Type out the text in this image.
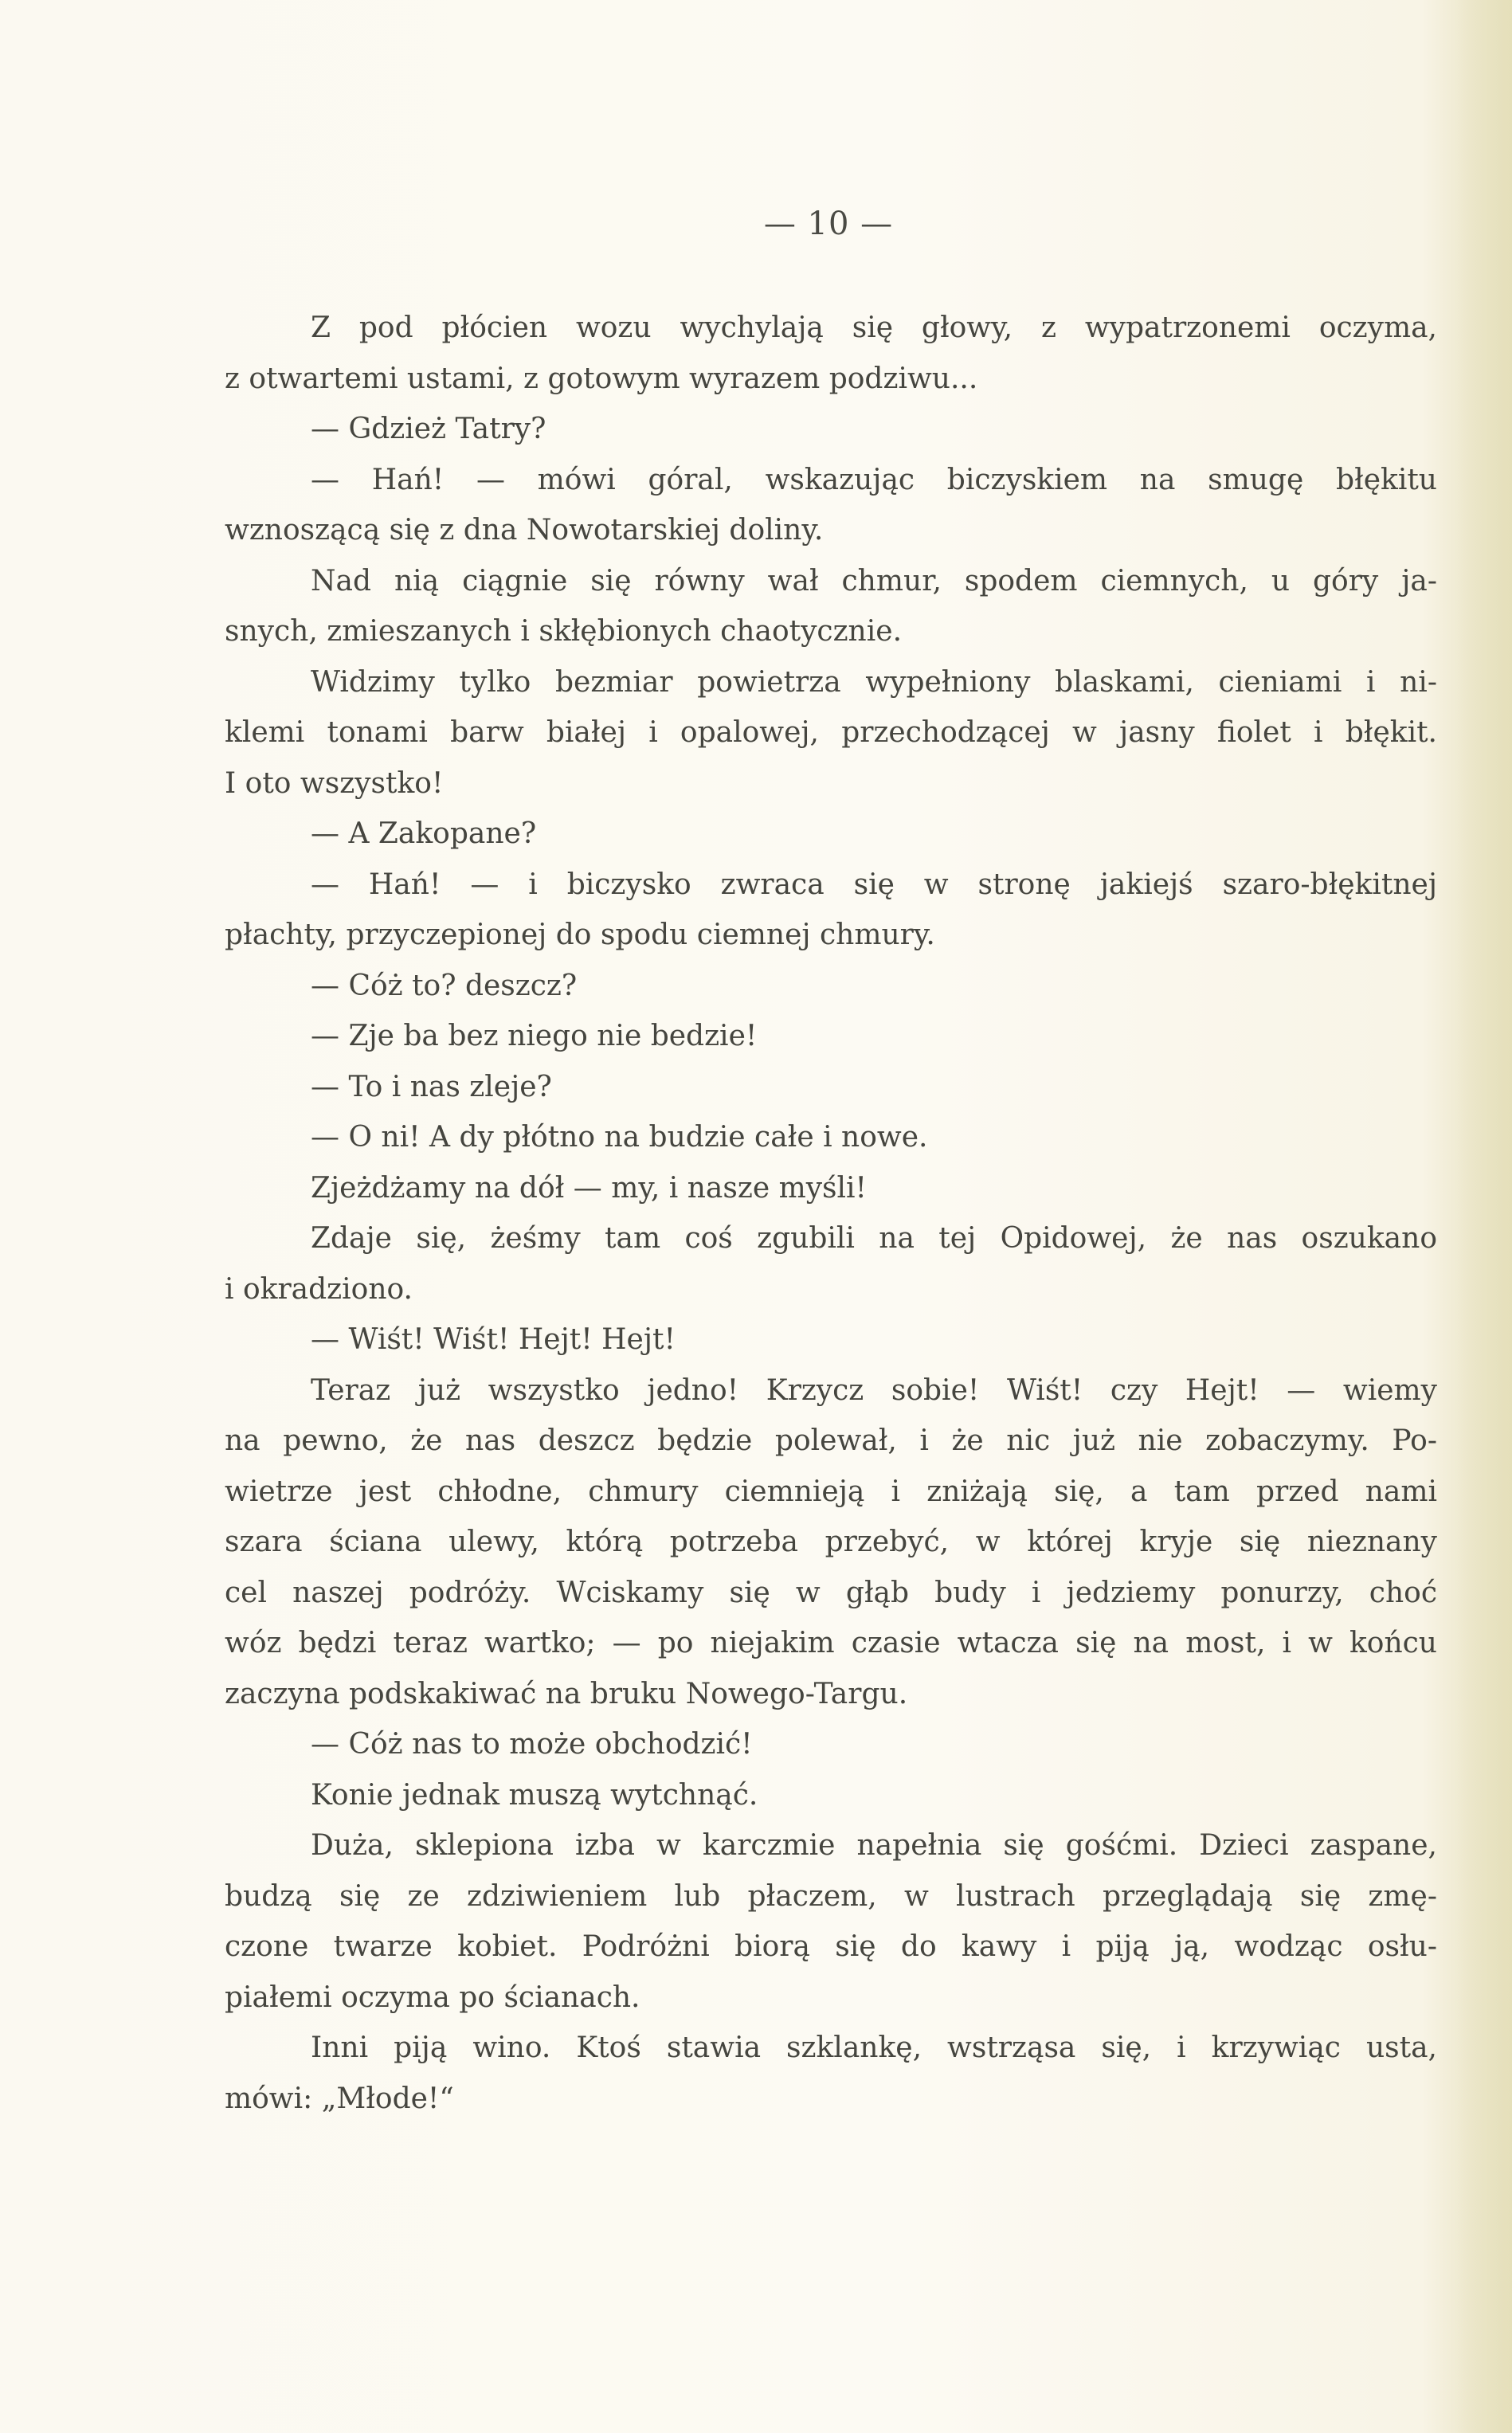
— 10 —
Z pod płócien wozu wychylają się głowy, z wypatrzonemi oczyma,
z otwartemi ustami, z gotowym wyrazem podziwu...
— Gdzież Tatry?
— Hań! — mówi góral, wskazując biczyskiem na smugę błękitu
wznoszącą się z dna Nowotarskiej doliny.
Nad nią ciągnie się równy wał chmur, spodem ciemnych, u góry ja-
snych, zmieszanych i skłębionych chaotycznie.
Widzimy tylko bezmiar powietrza wypełniony blaskami, cieniami i ni-
klemi tonami barw białej i opalowej, przechodzącej w jasny fiolet i błękit.
I oto wszystko!
— A Zakopane?
— Hań! — i biczysko zwraca się w stronę jakiejś szaro-błękitnej
płachty, przyczepionej do spodu ciemnej chmury.
— Cóż to? deszcz?
— Zje ba bez niego nie bedzie!
— To i nas zleje?
— O ni! A dy płótno na budzie całe i nowe.
Zjeżdżamy na dół — my, i nasze myśli!
Zdaje się, żeśmy tam coś zgubili na tej Opidowej, że nas oszukano
i okradziono.
— Wiśt! Wiśt! Hejt! Hejt!
Teraz już wszystko jedno! Krzycz sobie! Wiśt! czy Hejt! — wiemy
na pewno, że nas deszcz będzie polewał, i że nic już nie zobaczymy. Po-
wietrze jest chłodne, chmury ciemnieją i zniżają się, a tam przed nami
szara ściana ulewy, którą potrzeba przebyć, w której kryje się nieznany
cel naszej podróży. Wciskamy się w głąb budy i jedziemy ponurzy, choć
wóz będzi teraz wartko; — po niejakim czasie wtacza się na most, i w końcu
zaczyna podskakiwać na bruku Nowego-Targu.
— Cóż nas to może obchodzić!
Konie jednak muszą wytchnąć.
Duża, sklepiona izba w karczmie napełnia się gośćmi. Dzieci zaspane,
budzą się ze zdziwieniem lub płaczem, w lustrach przeglądają się zmę-
czone twarze kobiet. Podróżni biorą się do kawy i piją ją, wodząc osłu-
piałemi oczyma po ścianach.
Inni piją wino. Ktoś stawia szklankę, wstrząsa się, i krzywiąc usta,
mówi: „Młode!“
